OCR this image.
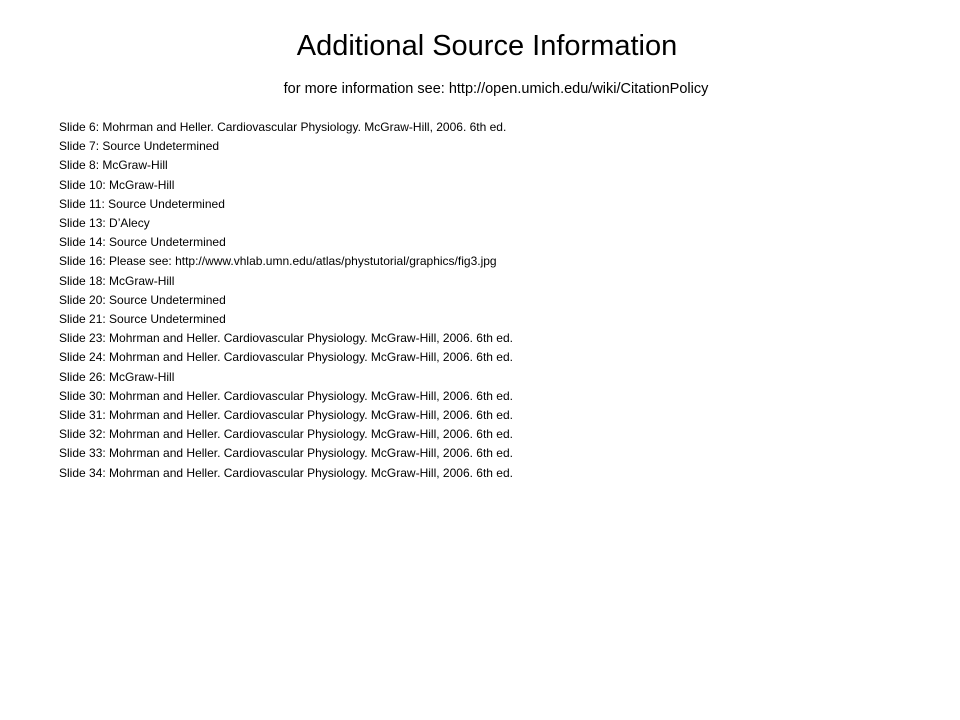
Additional Source Information

for more information see: http://open.umich.edu/wiki/CitationPolicy

Slide 6: Mohrman and Heller. Cardiovascular Physiology. McGraw-Hill, 2006. 6th ed.
Slide 7: Source Undetermined
Slide 8: McGraw-Hill
Slide 10: McGraw-Hill
Slide 11: Source Undetermined
Slide 13: D’Alecy
Slide 14: Source Undetermined
Slide 16: Please see: http://www.vhlab.umn.edu/atlas/phystutorial/graphics/fig3.jpg
Slide 18: McGraw-Hill
Slide 20: Source Undetermined
Slide 21: Source Undetermined
Slide 23: Mohrman and Heller. Cardiovascular Physiology. McGraw-Hill, 2006. 6th ed.
Slide 24: Mohrman and Heller. Cardiovascular Physiology. McGraw-Hill, 2006. 6th ed.
Slide 26: McGraw-Hill
Slide 30: Mohrman and Heller. Cardiovascular Physiology. McGraw-Hill, 2006. 6th ed.
Slide 31: Mohrman and Heller. Cardiovascular Physiology. McGraw-Hill, 2006. 6th ed.
Slide 32: Mohrman and Heller. Cardiovascular Physiology. McGraw-Hill, 2006. 6th ed.
Slide 33: Mohrman and Heller. Cardiovascular Physiology. McGraw-Hill, 2006. 6th ed.
Slide 34: Mohrman and Heller. Cardiovascular Physiology. McGraw-Hill, 2006. 6th ed.
